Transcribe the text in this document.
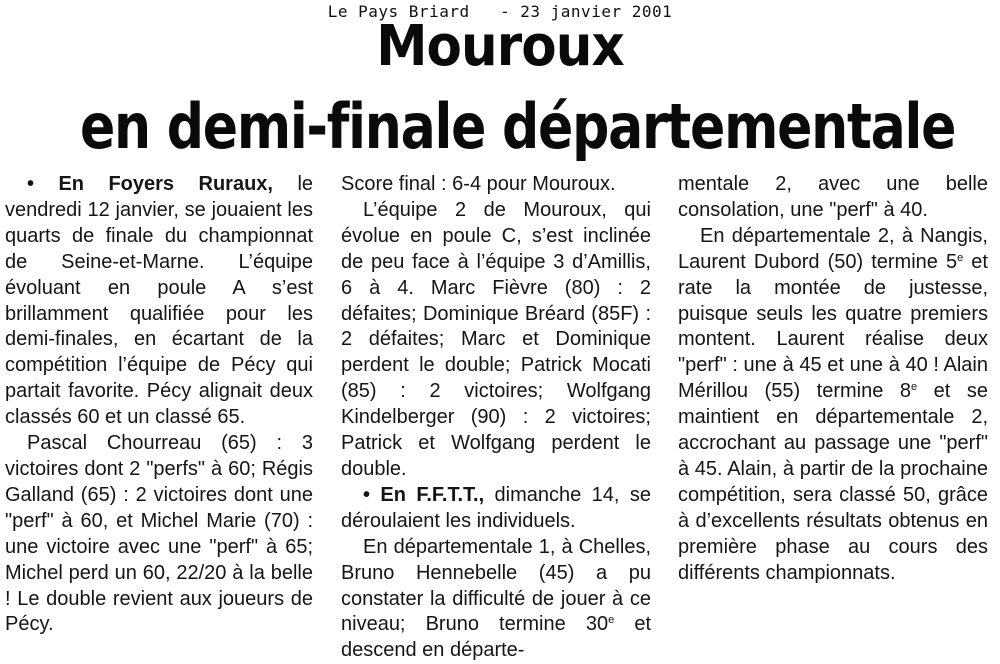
Le Pays Briard   - 23 janvier 2001
Mouroux
en demi-finale départementale

• En Foyers Ruraux, le vendredi 12 janvier, se jouaient les quarts de finale du championnat de Seine-et-Marne. L’équipe évoluant en poule A s’est brillamment qualifiée pour les demi-finales, en écartant de la compétition l’équipe de Pécy qui partait favorite. Pécy alignait deux classés 60 et un classé 65.

Pascal Chourreau (65) : 3 victoires dont 2 "perfs" à 60; Régis Galland (65) : 2 victoires dont une "perf" à 60, et Michel Marie (70) : une victoire avec une "perf" à 65; Michel perd un 60, 22/20 à la belle ! Le double revient aux joueurs de Pécy.

Score final : 6-4 pour Mouroux.

L’équipe 2 de Mouroux, qui évolue en poule C, s’est inclinée de peu face à l’équipe 3 d’Amillis, 6 à 4. Marc Fièvre (80) : 2 défaites; Dominique Bréard (85F) : 2 défaites; Marc et Dominique perdent le double; Patrick Mocati (85) : 2 victoires; Wolfgang Kindelberger (90) : 2 victoires; Patrick et Wolfgang perdent le double.

• En F.F.T.T., dimanche 14, se déroulaient les individuels.

En départementale 1, à Chelles, Bruno Hennebelle (45) a pu constater la difficulté de jouer à ce niveau; Bruno termine 30e et descend en départe-

mentale 2, avec une belle consolation, une "perf" à 40.

En départementale 2, à Nangis, Laurent Dubord (50) termine 5e et rate la montée de justesse, puisque seuls les quatre premiers montent. Laurent réalise deux "perf" : une à 45 et une à 40 ! Alain Mérillou (55) termine 8e et se maintient en départementale 2, accrochant au passage une "perf" à 45. Alain, à partir de la prochaine compétition, sera classé 50, grâce à d’excellents résultats obtenus en première phase au cours des différents championnats.
